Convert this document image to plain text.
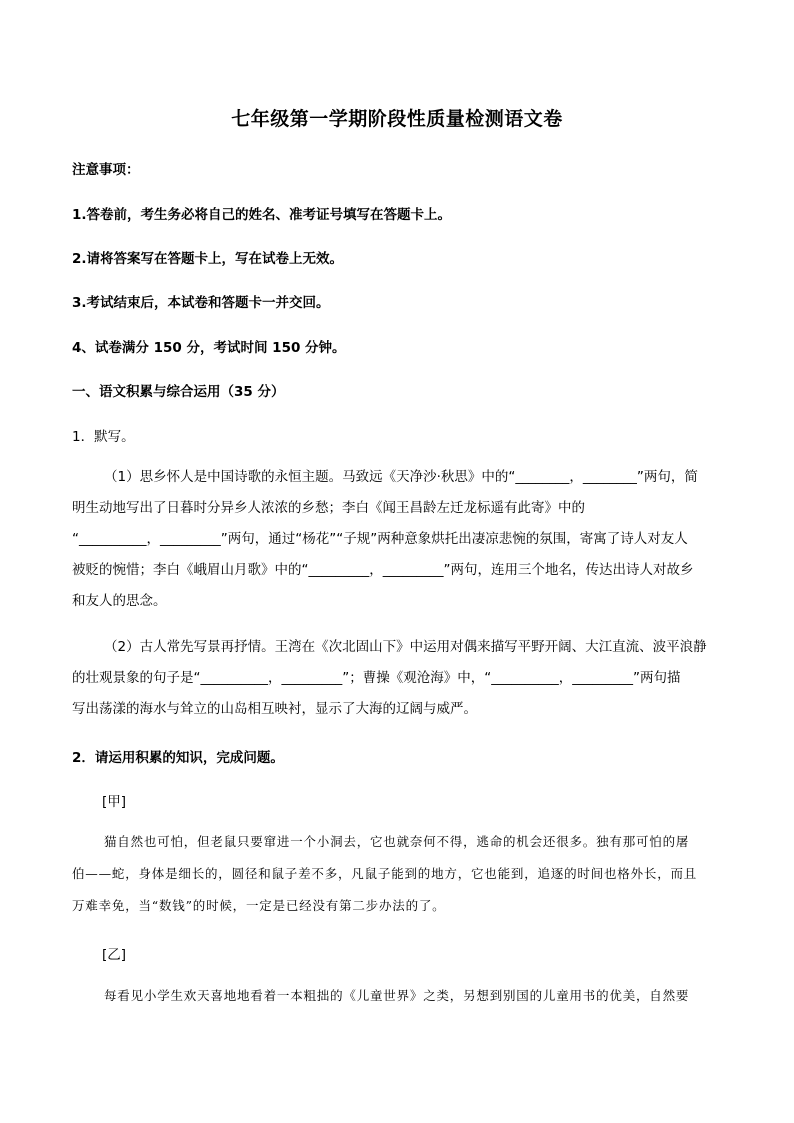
七年级第一学期阶段性质量检测语文卷
注意事项：
1.答卷前，考生务必将自己的姓名、准考证号填写在答题卡上。
2.请将答案写在答题卡上，写在试卷上无效。
3.考试结束后，本试卷和答题卡一并交回。
4、试卷满分 150 分，考试时间 150 分钟。
一、语文积累与综合运用（35 分）
1．默写。
（1）思乡怀人是中国诗歌的永恒主题。马致远《天净沙·秋思》中的“________，________”两句，简
明生动地写出了日暮时分异乡人浓浓的乡愁；李白《闻王昌龄左迁龙标遥有此寄》中的
“__________，_________”两句，通过“杨花”“子规”两种意象烘托出凄凉悲惋的氛围，寄寓了诗人对友人
被贬的惋惜；李白《峨眉山月歌》中的“_________，_________”两句，连用三个地名，传达出诗人对故乡
和友人的思念。
（2）古人常先写景再抒情。王湾在《次北固山下》中运用对偶来描写平野开阔、大江直流、波平浪静
的壮观景象的句子是“__________，_________”；曹操《观沧海》中，“__________，_________”两句描
写出荡漾的海水与耸立的山岛相互映衬，显示了大海的辽阔与威严。
2．请运用积累的知识，完成问题。
[甲]
猫自然也可怕，但老鼠只要窜进一个小洞去，它也就奈何不得，逃命的机会还很多。独有那可怕的屠
伯——蛇，身体是细长的，圆径和鼠子差不多，凡鼠子能到的地方，它也能到，追逐的时间也格外长，而且
万难幸免，当“数钱”的时候，一定是已经没有第二步办法的了。
[乙]
每看见小学生欢天喜地地看着一本粗拙的《儿童世界》之类，另想到别国的儿童用书的优美，自然要
